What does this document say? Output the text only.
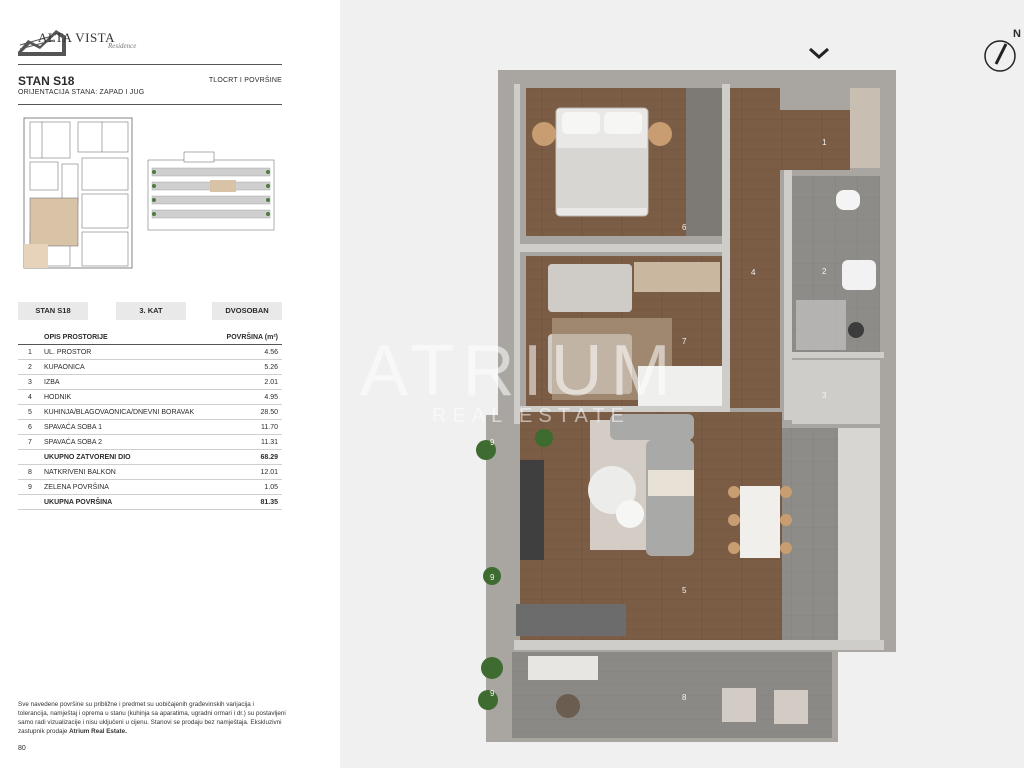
ALTA VISTA
Residence
STAN S18
ORIJENTACIJA STANA: ZAPAD I JUG
TLOCRT I POVRŠINE
STAN S18	3. KAT	DVOSOBAN
	OPIS PROSTORIJE	POVRŠINA (m²)
1	UL. PROSTOR	4.56
2	KUPAONICA	5.26
3	IZBA	2.01
4	HODNIK	4.95
5	KUHINJA/BLAGOVAONICA/DNEVNI BORAVAK	28.50
6	SPAVAĆA SOBA 1	11.70
7	SPAVAĆA SOBA 2	11.31
	UKUPNO ZATVORENI DIO	68.29
8	NATKRIVENI BALKON	12.01
9	ZELENA POVRŠINA	1.05
	UKUPNA POVRŠINA	81.35
Sve navedene površine su približne i predmet su uobičajenih građevinskih varijacija i tolerancija, namještaj i oprema u stanu (kuhinja sa aparatima, ugradni ormari i dr.) su postavljeni samo radi vizualizacije i nisu uključeni u cijenu. Stanovi se prodaju bez namještaja. Ekskluzivni zastupnik prodaje Atrium Real Estate.
80
ATRIUM
REAL ESTATE
1
2
3
4
5
6
7
8
9
9
9
N
